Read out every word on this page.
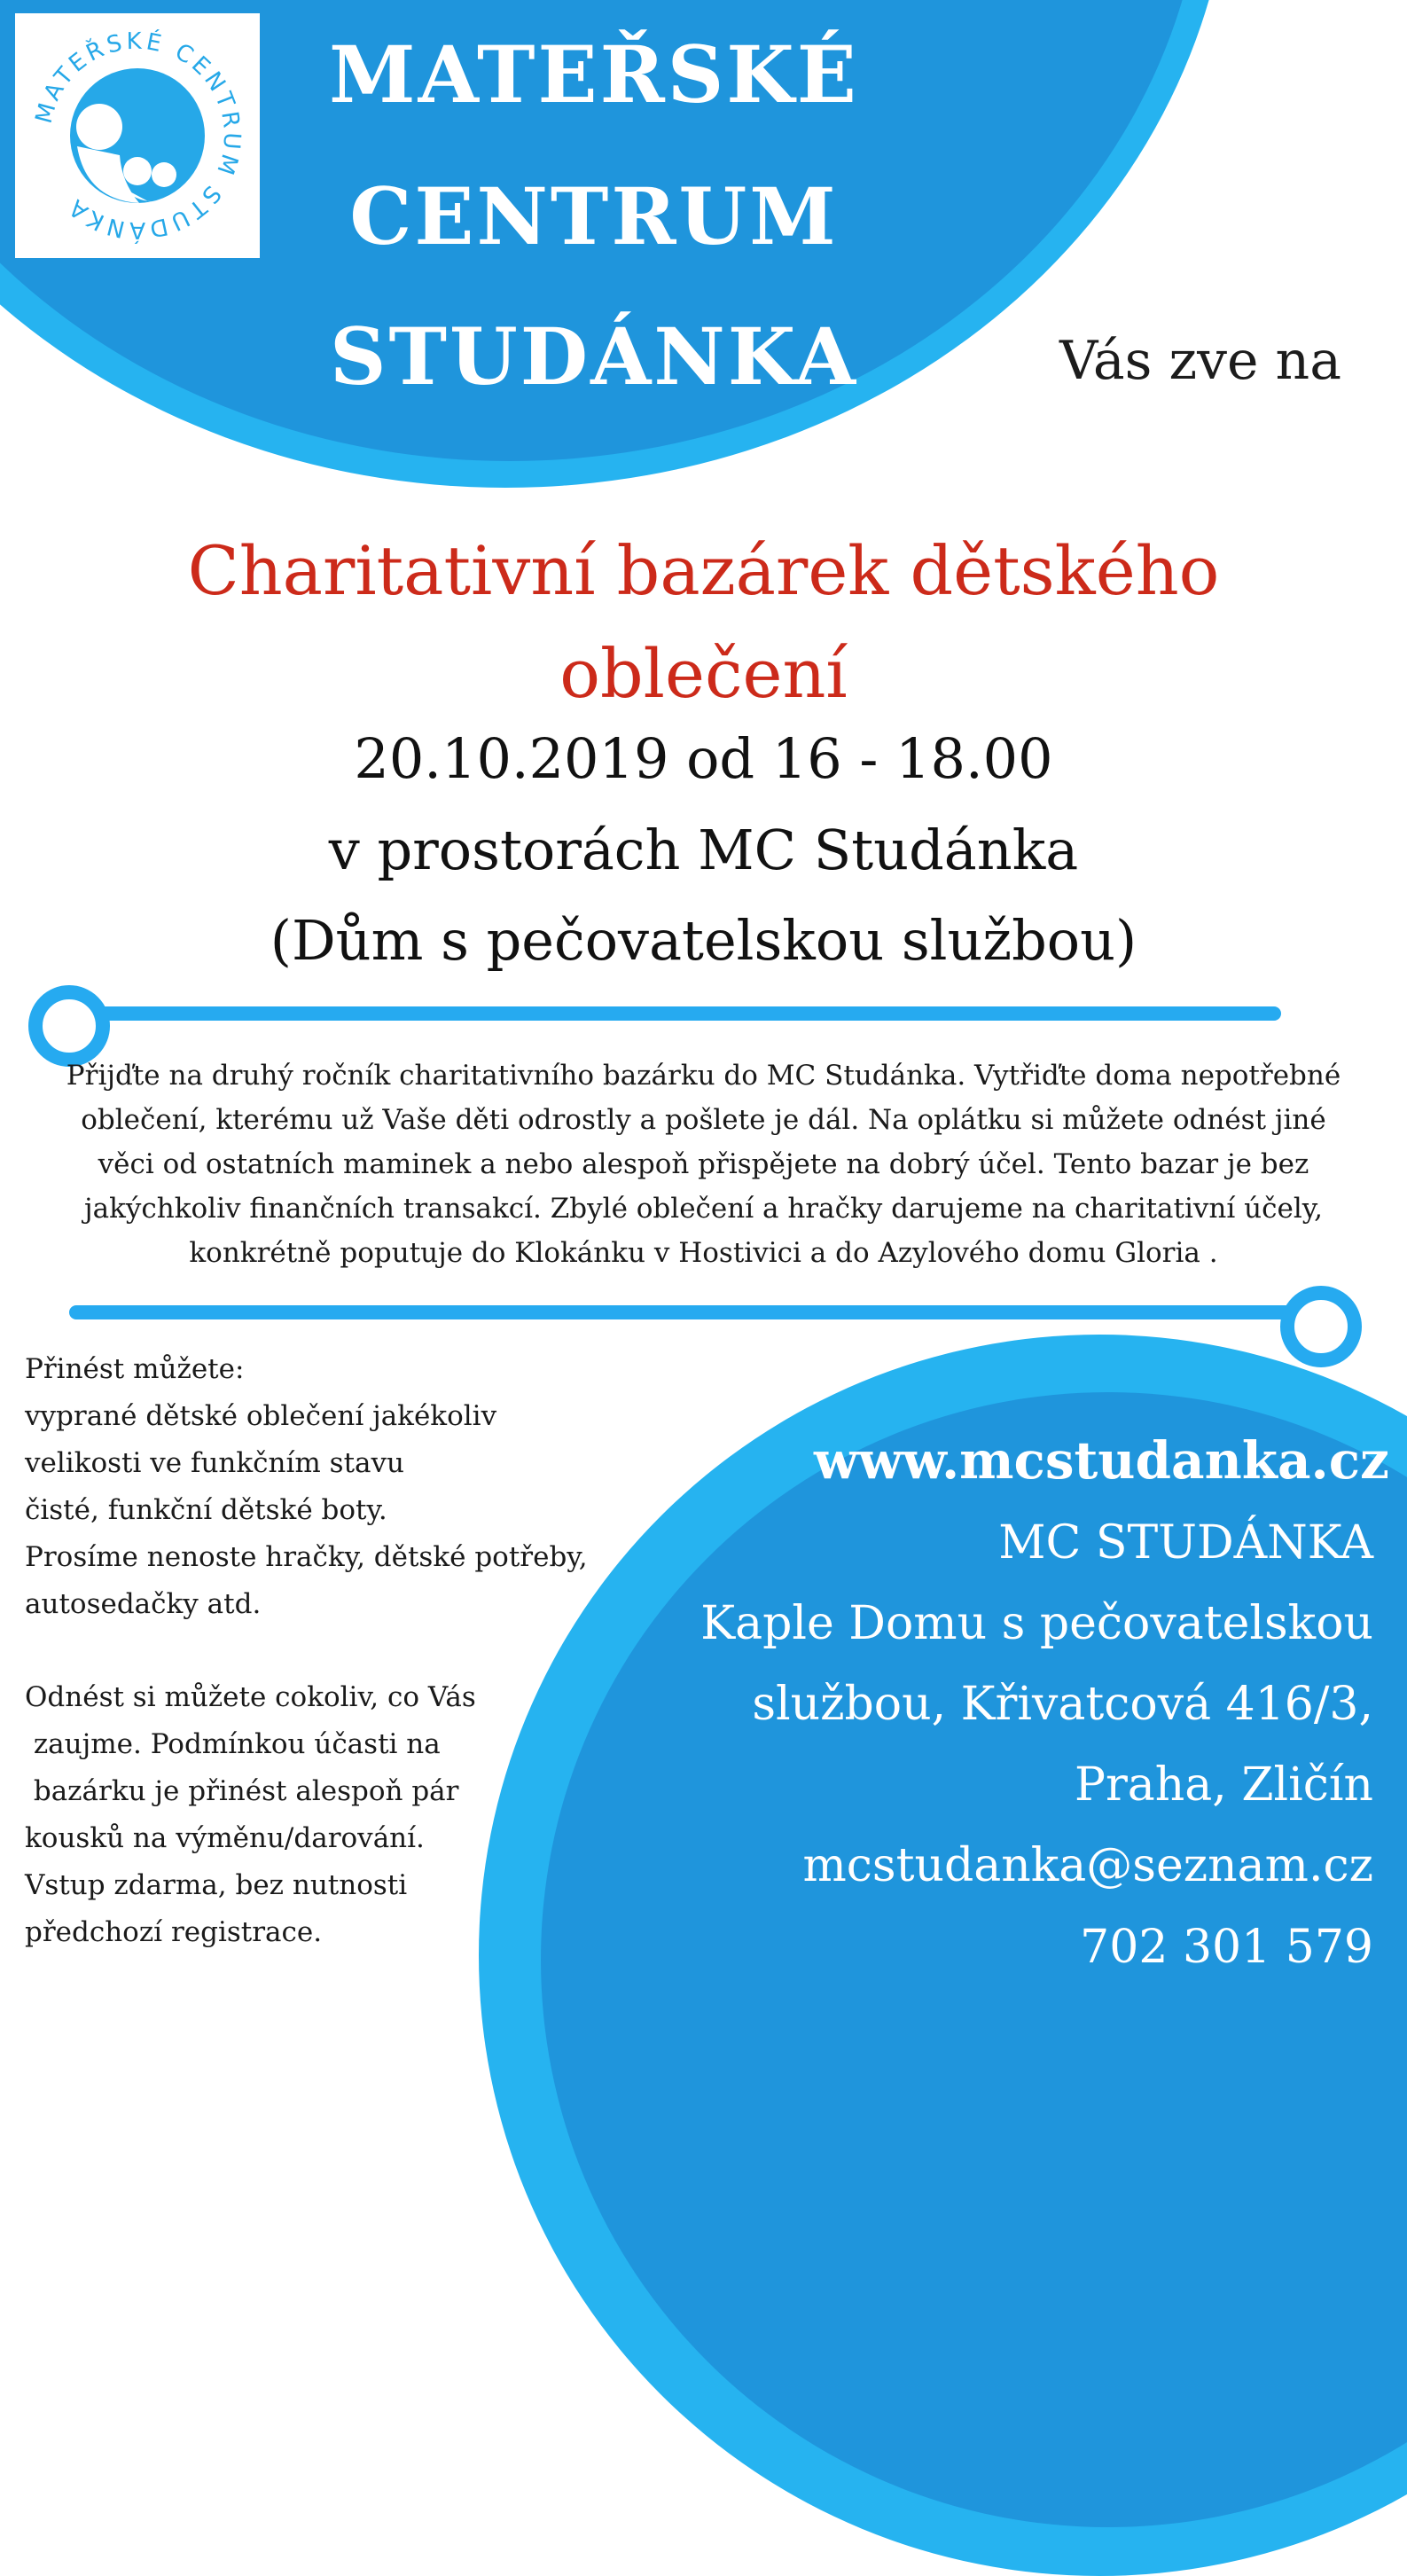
MATEŘSKÉ CENTRUM STUDÁNKA
MATEŘSKÉ
CENTRUM
STUDÁNKA	Vás zve na
Charitativní bazárek dětského
oblečení
20.10.2019 od 16 - 18.00
v prostorách MC Studánka
(Dům s pečovatelskou službou)
Přijďte na druhý ročník charitativního bazárku do MC Studánka. Vytřiďte doma nepotřebné
oblečení, kterému už Vaše děti odrostly a pošlete je dál. Na oplátku si můžete odnést jiné
věci od ostatních maminek a nebo alespoň přispějete na dobrý účel. Tento bazar je bez
jakýchkoliv finančních transakcí. Zbylé oblečení a hračky darujeme na charitativní účely,
konkrétně poputuje do Klokánku v Hostivici a do Azylového domu Gloria .
Přinést můžete:
vyprané dětské oblečení jakékoliv
velikosti ve funkčním stavu
čisté, funkční dětské boty.
Prosíme nenoste hračky, dětské potřeby,
autosedačky atd.
Odnést si můžete cokoliv, co Vás
zaujme. Podmínkou účasti na
bazárku je přinést alespoň pár
kousků na výměnu/darování.
Vstup zdarma, bez nutnosti
předchozí registrace.
www.mcstudanka.cz
MC STUDÁNKA
Kaple Domu s pečovatelskou
službou, Křivatcová 416/3,
Praha, Zličín
mcstudanka@seznam.cz
702 301 579
